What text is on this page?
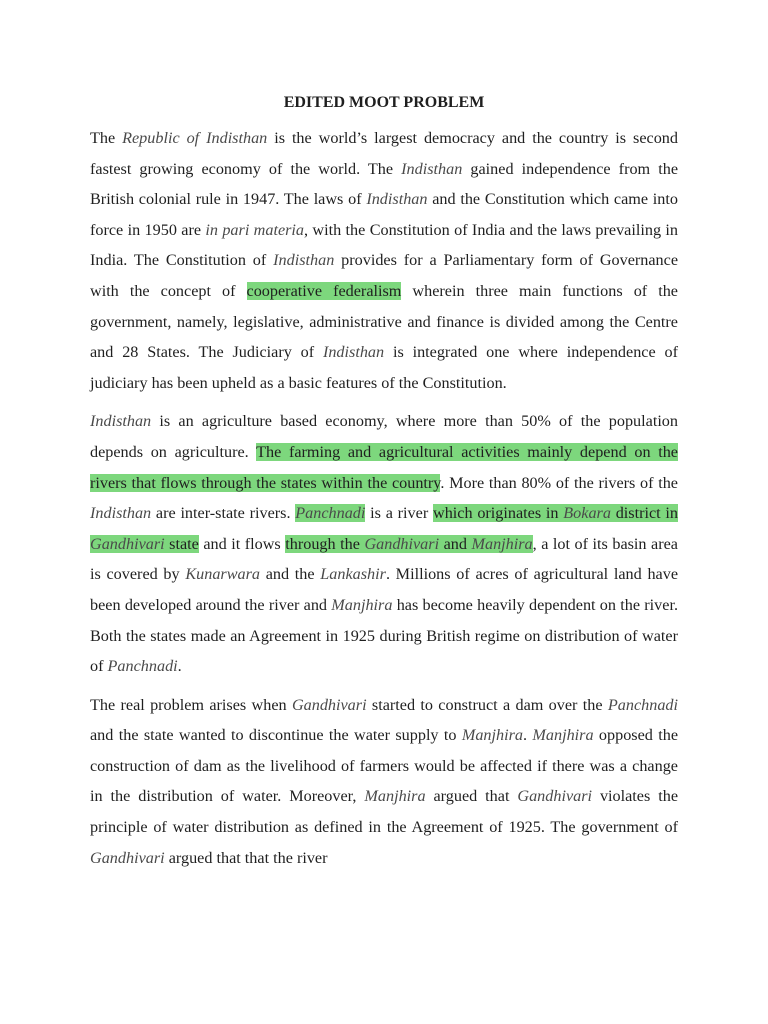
EDITED MOOT PROBLEM
The Republic of Indisthan is the world’s largest democracy and the country is second fastest growing economy of the world. The Indisthan gained independence from the British colonial rule in 1947. The laws of Indisthan and the Constitution which came into force in 1950 are in pari materia, with the Constitution of India and the laws prevailing in India. The Constitution of Indisthan provides for a Parliamentary form of Governance with the concept of cooperative federalism wherein three main functions of the government, namely, legislative, administrative and finance is divided among the Centre and 28 States. The Judiciary of Indisthan is integrated one where independence of judiciary has been upheld as a basic features of the Constitution.
Indisthan is an agriculture based economy, where more than 50% of the population depends on agriculture. The farming and agricultural activities mainly depend on the rivers that flows through the states within the country. More than 80% of the rivers of the Indisthan are inter-state rivers. Panchnadi is a river which originates in Bokara district in Gandhivari state and it flows through the Gandhivari and Manjhira, a lot of its basin area is covered by Kunarwara and the Lankashir. Millions of acres of agricultural land have been developed around the river and Manjhira has become heavily dependent on the river. Both the states made an Agreement in 1925 during British regime on distribution of water of Panchnadi.
The real problem arises when Gandhivari started to construct a dam over the Panchnadi and the state wanted to discontinue the water supply to Manjhira. Manjhira opposed the construction of dam as the livelihood of farmers would be affected if there was a change in the distribution of water. Moreover, Manjhira argued that Gandhivari violates the principle of water distribution as defined in the Agreement of 1925. The government of Gandhivari argued that that the river
